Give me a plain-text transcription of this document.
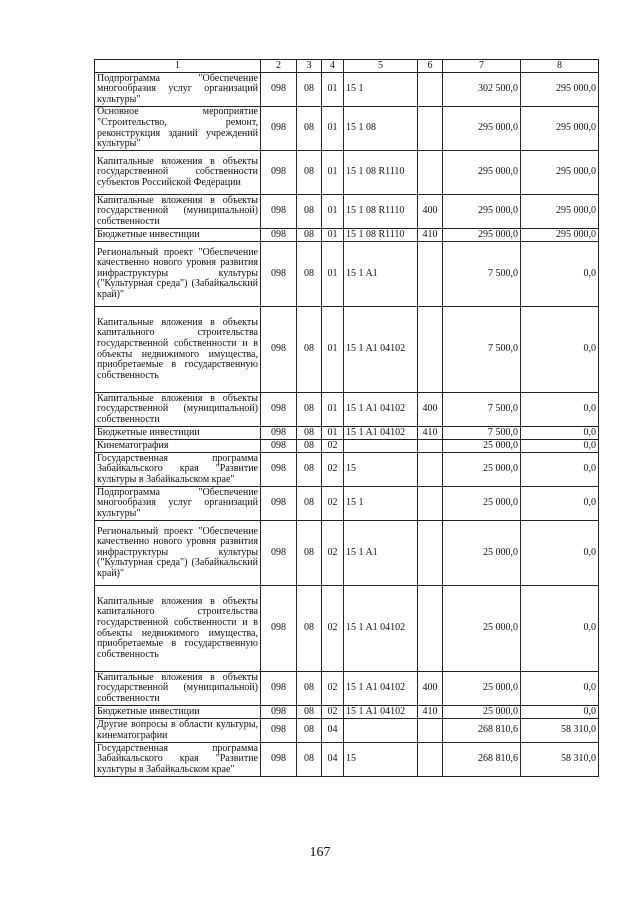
1	2	3	4	5	6	7	8
Подпрограмма "Обеспечение многообразия услуг организаций культуры"	098	08	01	15 1		302 500,0	295 000,0
Основное мероприятие "Строительство, ремонт, реконструкция зданий учреждений культуры"	098	08	01	15 1 08		295 000,0	295 000,0
Капитальные вложения в объекты государственной собственности субъектов Российской Федерации	098	08	01	15 1 08 R1110		295 000,0	295 000,0
Капитальные вложения в объекты государственной (муниципальной) собственности	098	08	01	15 1 08 R1110	400	295 000,0	295 000,0
Бюджетные инвестиции	098	08	01	15 1 08 R1110	410	295 000,0	295 000,0
Региональный проект "Обеспечение качественно нового уровня развития инфраструктуры культуры ("Культурная среда") (Забайкальский край)"	098	08	01	15 1 A1		7 500,0	0,0
Капитальные вложения в объекты капитального строительства государственной собственности и в объекты недвижимого имущества, приобретаемые в государственную собственность	098	08	01	15 1 A1 04102		7 500,0	0,0
Капитальные вложения в объекты государственной (муниципальной) собственности	098	08	01	15 1 A1 04102	400	7 500,0	0,0
Бюджетные инвестиции	098	08	01	15 1 A1 04102	410	7 500,0	0,0
Кинематография	098	08	02			25 000,0	0,0
Государственная программа Забайкальского края "Развитие культуры в Забайкальском крае"	098	08	02	15		25 000,0	0,0
Подпрограмма "Обеспечение многообразия услуг организаций культуры"	098	08	02	15 1		25 000,0	0,0
Региональный проект "Обеспечение качественно нового уровня развития инфраструктуры культуры ("Культурная среда") (Забайкальский край)"	098	08	02	15 1 A1		25 000,0	0,0
Капитальные вложения в объекты капитального строительства государственной собственности и в объекты недвижимого имущества, приобретаемые в государственную собственность	098	08	02	15 1 A1 04102		25 000,0	0,0
Капитальные вложения в объекты государственной (муниципальной) собственности	098	08	02	15 1 A1 04102	400	25 000,0	0,0
Бюджетные инвестиции	098	08	02	15 1 A1 04102	410	25 000,0	0,0
Другие вопросы в области культуры, кинематографии	098	08	04			268 810,6	58 310,0
Государственная программа Забайкальского края "Развитие культуры в Забайкальском крае"	098	08	04	15		268 810,6	58 310,0
167
